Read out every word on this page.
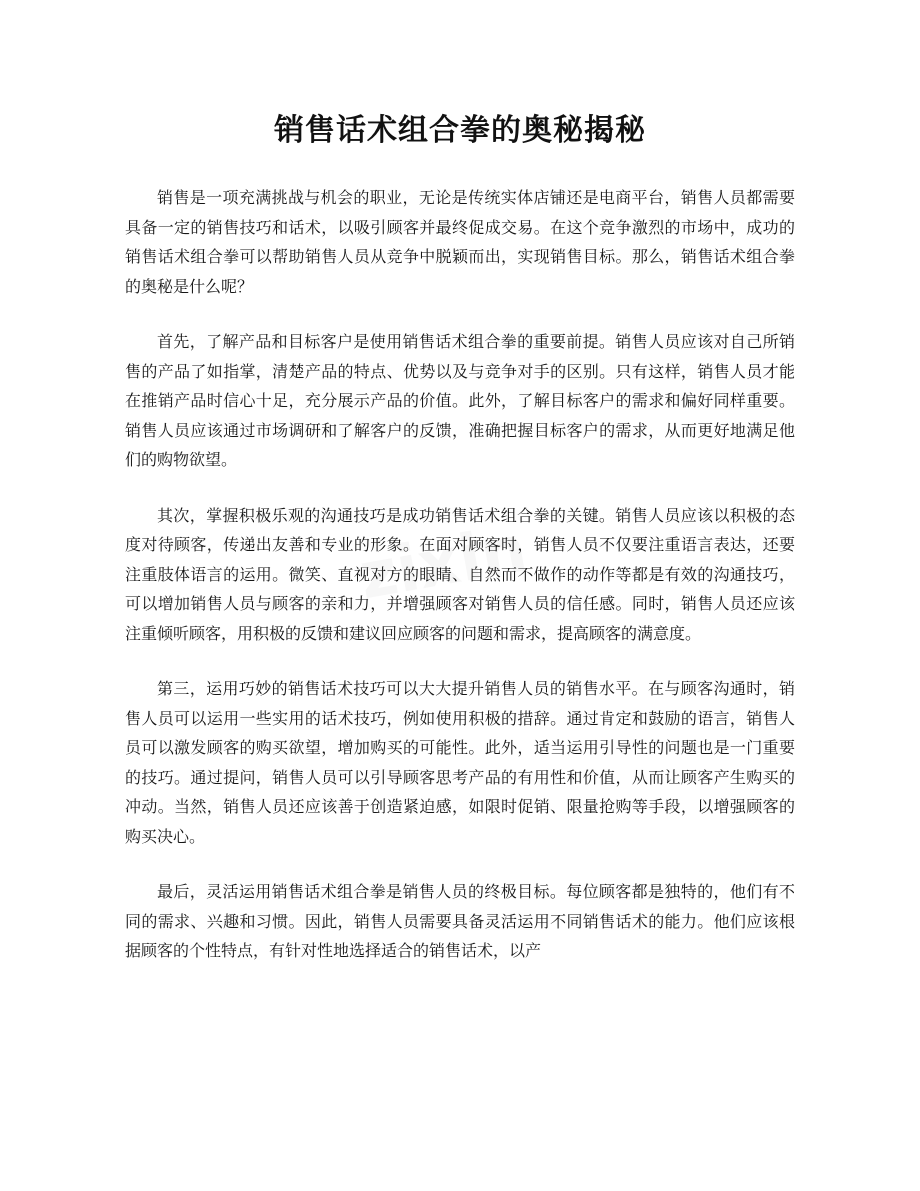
销售话术组合拳的奥秘揭秘
zixin

销售是一项充满挑战与机会的职业，无论是传统实体店铺还是电商平台，销售人员都需要具备一定的销售技巧和话术，以吸引顾客并最终促成交易。在这个竞争激烈的市场中，成功的销售话术组合拳可以帮助销售人员从竞争中脱颖而出，实现销售目标。那么，销售话术组合拳的奥秘是什么呢？

首先，了解产品和目标客户是使用销售话术组合拳的重要前提。销售人员应该对自己所销售的产品了如指掌，清楚产品的特点、优势以及与竞争对手的区别。只有这样，销售人员才能在推销产品时信心十足，充分展示产品的价值。此外，了解目标客户的需求和偏好同样重要。销售人员应该通过市场调研和了解客户的反馈，准确把握目标客户的需求，从而更好地满足他们的购物欲望。

其次，掌握积极乐观的沟通技巧是成功销售话术组合拳的关键。销售人员应该以积极的态度对待顾客，传递出友善和专业的形象。在面对顾客时，销售人员不仅要注重语言表达，还要注重肢体语言的运用。微笑、直视对方的眼睛、自然而不做作的动作等都是有效的沟通技巧，可以增加销售人员与顾客的亲和力，并增强顾客对销售人员的信任感。同时，销售人员还应该注重倾听顾客，用积极的反馈和建议回应顾客的问题和需求，提高顾客的满意度。

第三，运用巧妙的销售话术技巧可以大大提升销售人员的销售水平。在与顾客沟通时，销售人员可以运用一些实用的话术技巧，例如使用积极的措辞。通过肯定和鼓励的语言，销售人员可以激发顾客的购买欲望，增加购买的可能性。此外，适当运用引导性的问题也是一门重要的技巧。通过提问，销售人员可以引导顾客思考产品的有用性和价值，从而让顾客产生购买的冲动。当然，销售人员还应该善于创造紧迫感，如限时促销、限量抢购等手段，以增强顾客的购买决心。

最后，灵活运用销售话术组合拳是销售人员的终极目标。每位顾客都是独特的，他们有不同的需求、兴趣和习惯。因此，销售人员需要具备灵活运用不同销售话术的能力。他们应该根据顾客的个性特点，有针对性地选择适合的销售话术，以产
